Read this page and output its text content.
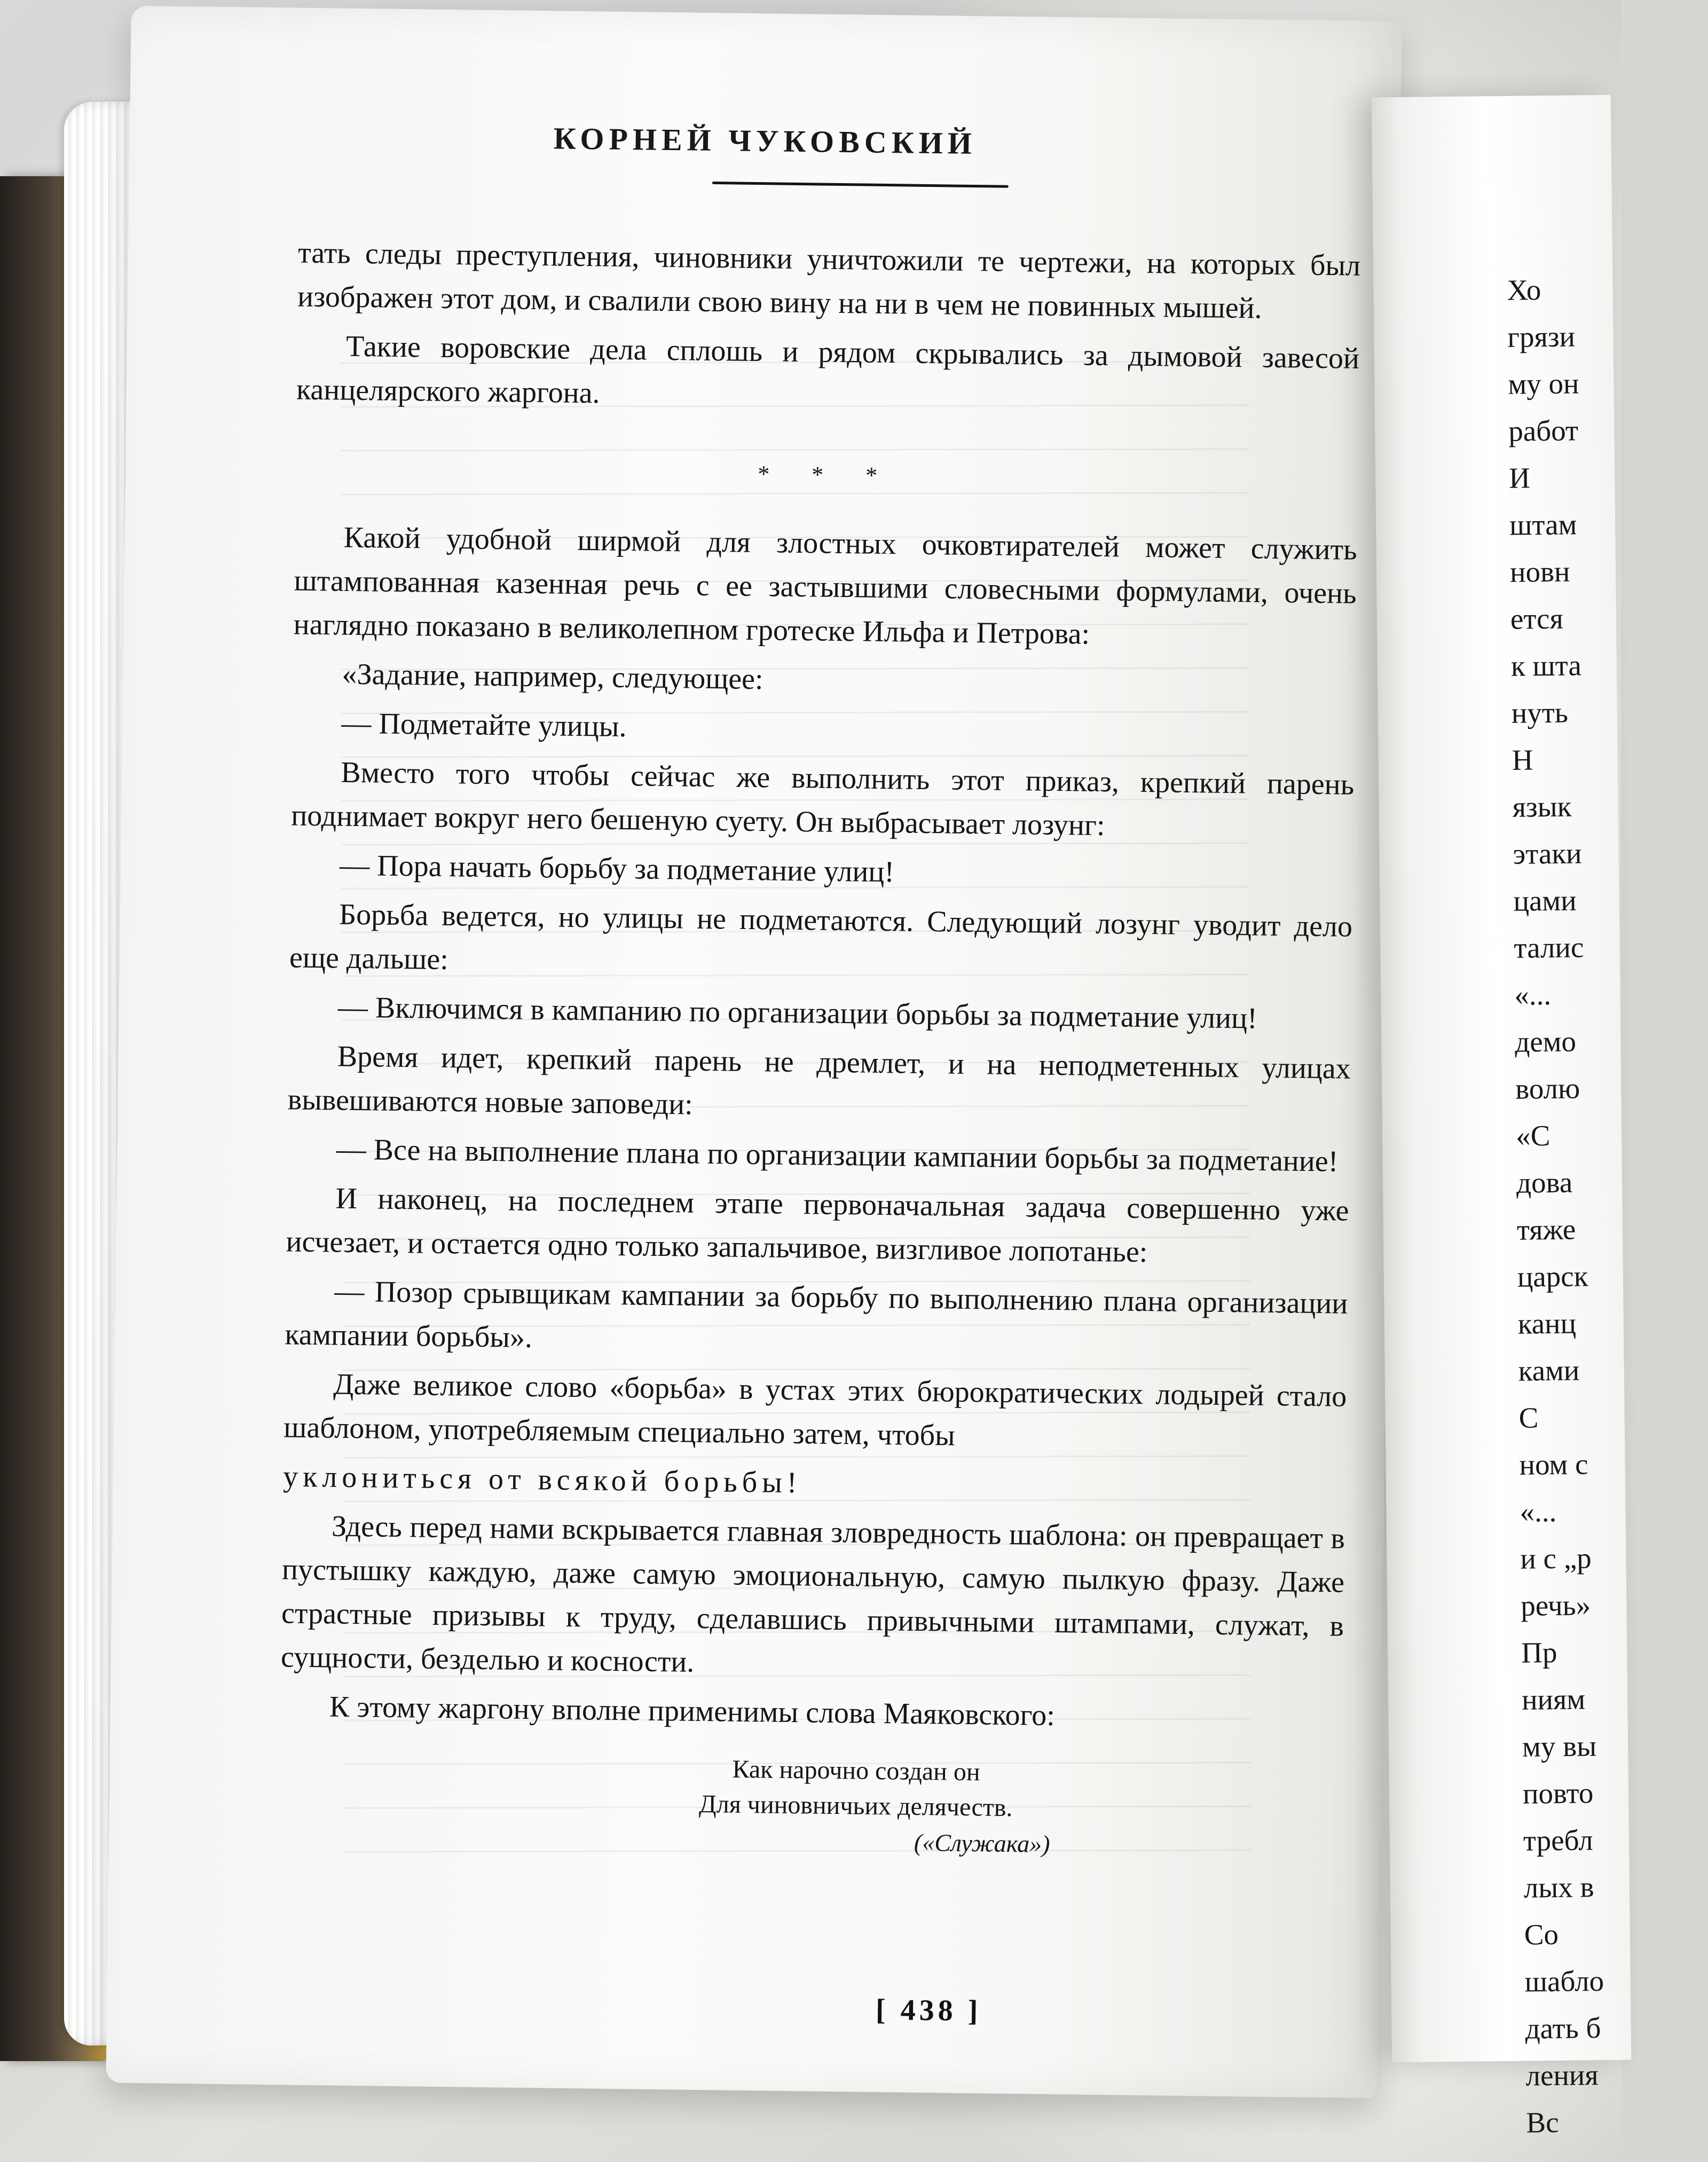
КОРНЕЙ ЧУКОВСКИЙ

тать следы преступления, чиновники уничтожили те чертежи, на которых был изображен этот дом, и свалили свою вину на ни в чем не повинных мышей.

Такие воровские дела сплошь и рядом скрывались за дымовой завесой канцелярского жаргона.

* * *

Какой удобной ширмой для злостных очковтирателей может служить штампованная казенная речь с ее застывшими словесными формулами, очень наглядно показано в великолепном гротеске Ильфа и Петрова:

«Задание, например, следующее:

— Подметайте улицы.

Вместо того чтобы сейчас же выполнить этот приказ, крепкий парень поднимает вокруг него бешеную суету. Он выбрасывает лозунг:

— Пора начать борьбу за подметание улиц!

Борьба ведется, но улицы не подметаются. Следующий лозунг уводит дело еще дальше:

— Включимся в кампанию по организации борьбы за подметание улиц!

Время идет, крепкий парень не дремлет, и на неподметенных улицах вывешиваются новые заповеди:

— Все на выполнение плана по организации кампании борьбы за подметание!

И наконец, на последнем этапе первоначальная задача совершенно уже исчезает, и остается одно только запальчивое, визгливое лопотанье:

— Позор срывщикам кампании за борьбу по выполнению плана организации кампании борьбы».

Даже великое слово «борьба» в устах этих бюрократических лодырей стало шаблоном, употребляемым специально затем, чтобы

уклониться от всякой борьбы!

Здесь перед нами вскрывается главная зловредность шаблона: он превращает в пустышку каждую, даже самую эмоциональную, самую пылкую фразу. Даже страстные призывы к труду, сделавшись привычными штампами, служат, в сущности, безделью и косности.

К этому жаргону вполне применимы слова Маяковского:

Как нарочно создан он
Для чиновничьих делячеств.
(«Служака»)
[ 438 ]
Хо
грязи
му он
работ
И
штам
новн
ется
к шта
нуть
Н
язык
этаки
цами
талис
«...
демо
волю
«С
дова
тяже
царск
канц
ками
С
ном с
«...
и с „р
речь»
Пр
ниям
му вы
повто
требл
лых в
Со
шабло
дать б
ления
Вс
